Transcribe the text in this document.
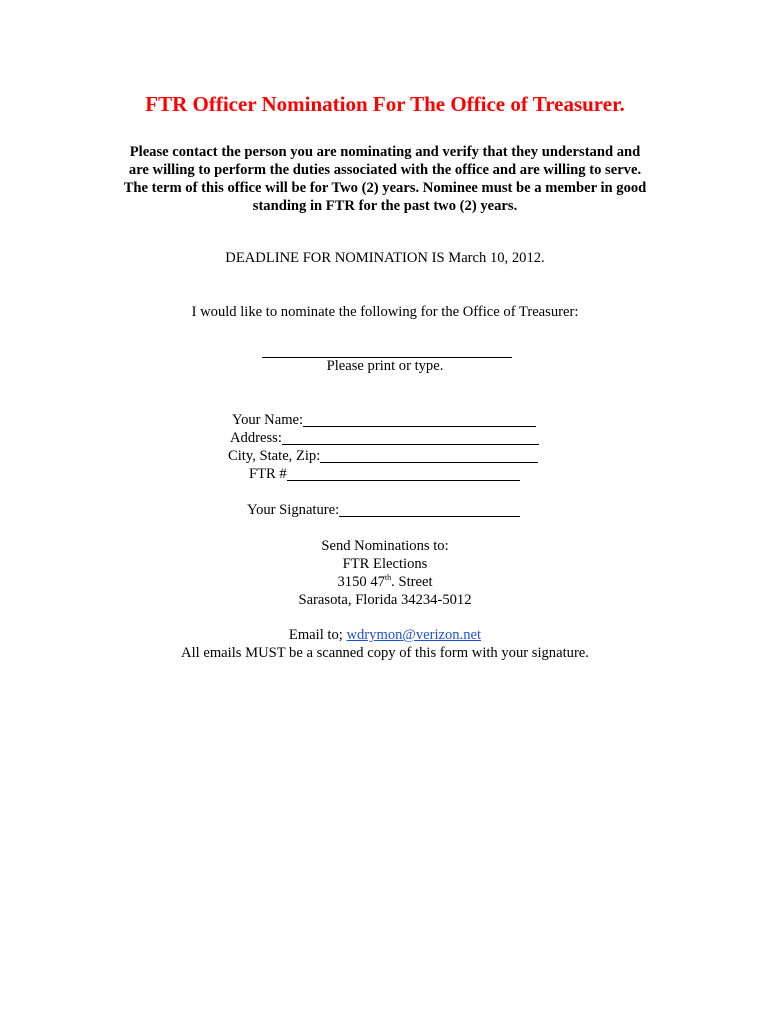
FTR Officer Nomination For The Office of Treasurer.
Please contact the person you are nominating and verify that they understand and
are willing to perform the duties associated with the office and are willing to serve.
The term of this office will be for Two (2) years. Nominee must be a member in good
standing in FTR for the past two (2) years.
DEADLINE FOR NOMINATION IS March 10, 2012.
I would like to nominate the following for the Office of Treasurer:
Please print or type.
Your Name:
Address:
City, State, Zip:
FTR #
Your Signature:
Send Nominations to:
FTR Elections
3150 47th. Street
Sarasota, Florida 34234-5012
Email to; wdrymon@verizon.net
All emails MUST be a scanned copy of this form with your signature.
